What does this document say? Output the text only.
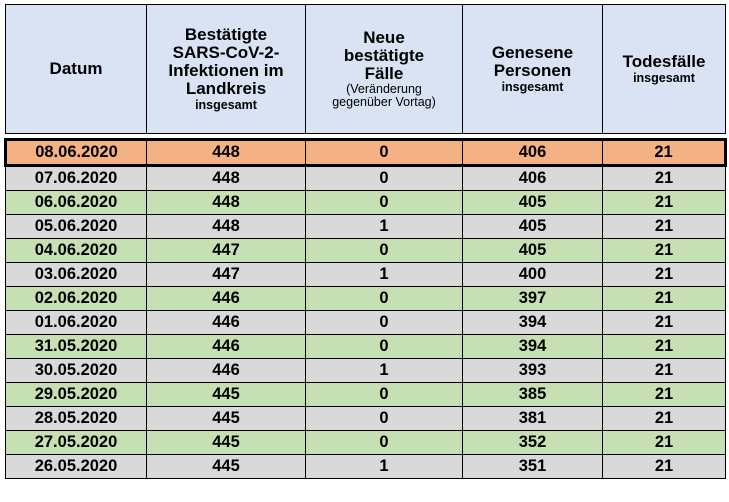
Datum	Bestätigte
SARS-CoV-2-
Infektionen im
Landkreis
insgesamt	Neue
bestätigte
Fälle
(Veränderung
gegenüber Vortag)	Genesene
Personen
insgesamt	Todesfälle
insgesamt

08.06.2020	448	0	406	21
07.06.2020	448	0	406	21
06.06.2020	448	0	405	21
05.06.2020	448	1	405	21
04.06.2020	447	0	405	21
03.06.2020	447	1	400	21
02.06.2020	446	0	397	21
01.06.2020	446	0	394	21
31.05.2020	446	0	394	21
30.05.2020	446	1	393	21
29.05.2020	445	0	385	21
28.05.2020	445	0	381	21
27.05.2020	445	0	352	21
26.05.2020	445	1	351	21
